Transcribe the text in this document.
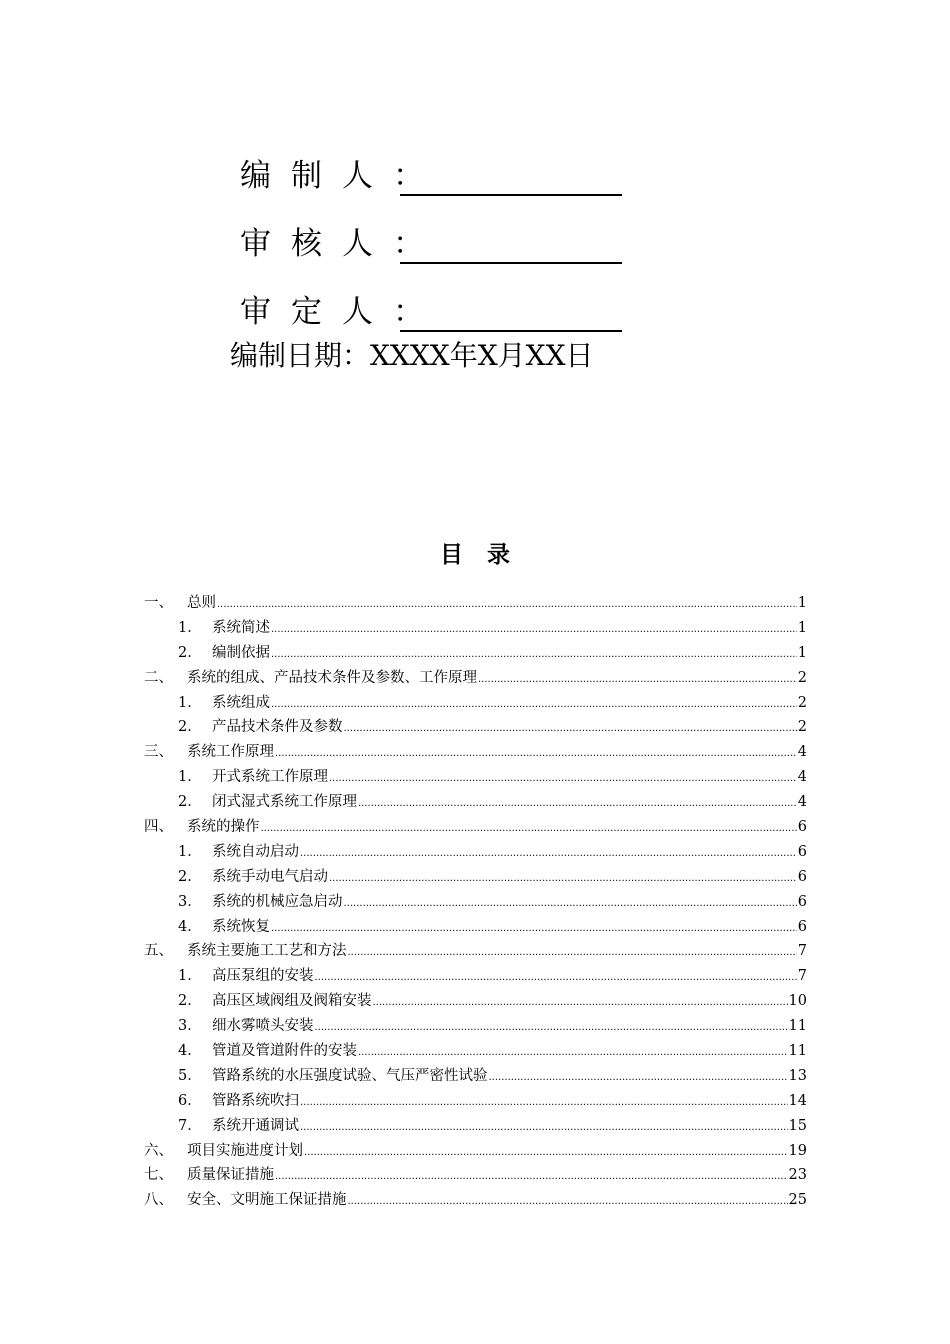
编制人：
审核人：
审定人：
编制日期：XXXX年X月XX日
目录
一、 总则 .....	1
1． 系统简述 .....	1
2． 编制依据 .....	1
二、 系统的组成、产品技术条件及参数、工作原理 .....	2
1． 系统组成 .....	2
2． 产品技术条件及参数 .....	2
三、 系统工作原理 .....	4
1． 开式系统工作原理 .....	4
2． 闭式湿式系统工作原理 .....	4
四、 系统的操作 .....	6
1． 系统自动启动 .....	6
2． 系统手动电气启动 .....	6
3． 系统的机械应急启动 .....	6
4． 系统恢复 .....	6
五、 系统主要施工工艺和方法 .....	7
1． 高压泵组的安装 .....	7
2． 高压区域阀组及阀箱安装 .....	10
3． 细水雾喷头安装 .....	11
4． 管道及管道附件的安装 .....	11
5． 管路系统的水压强度试验、气压严密性试验 .....	13
6． 管路系统吹扫 .....	14
7． 系统开通调试 .....	15
六、 项目实施进度计划 .....	19
七、 质量保证措施 .....	23
八、 安全、文明施工保证措施 .....	25
